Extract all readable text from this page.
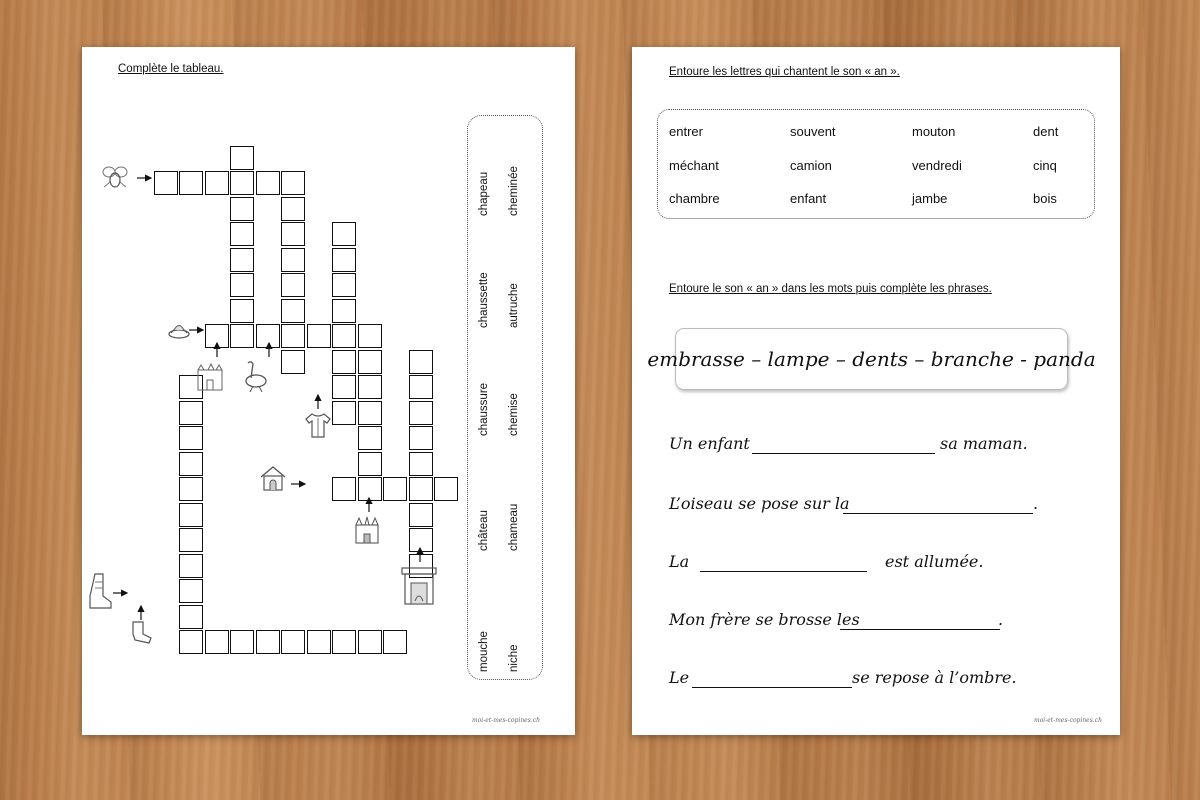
Complète le tableau.
chapeau cheminée
chaussette autruche
chaussure chemise
château chameau
mouche niche
moi-et-mes-copines.ch
Entoure les lettres qui chantent le son « an ».
entrer	souvent	mouton	dent
méchant	camion	vendredi	cinq
chambre	enfant	jambe	bois
Entoure le son « an » dans les mots puis complète les phrases.
embrasse – lampe – dents – branche - panda
Un enfant	sa maman.
L’oiseau se pose sur la	.
La	est allumée.
Mon frère se brosse les	.
Le	se repose à l’ombre.
moi-et-mes-copines.ch
